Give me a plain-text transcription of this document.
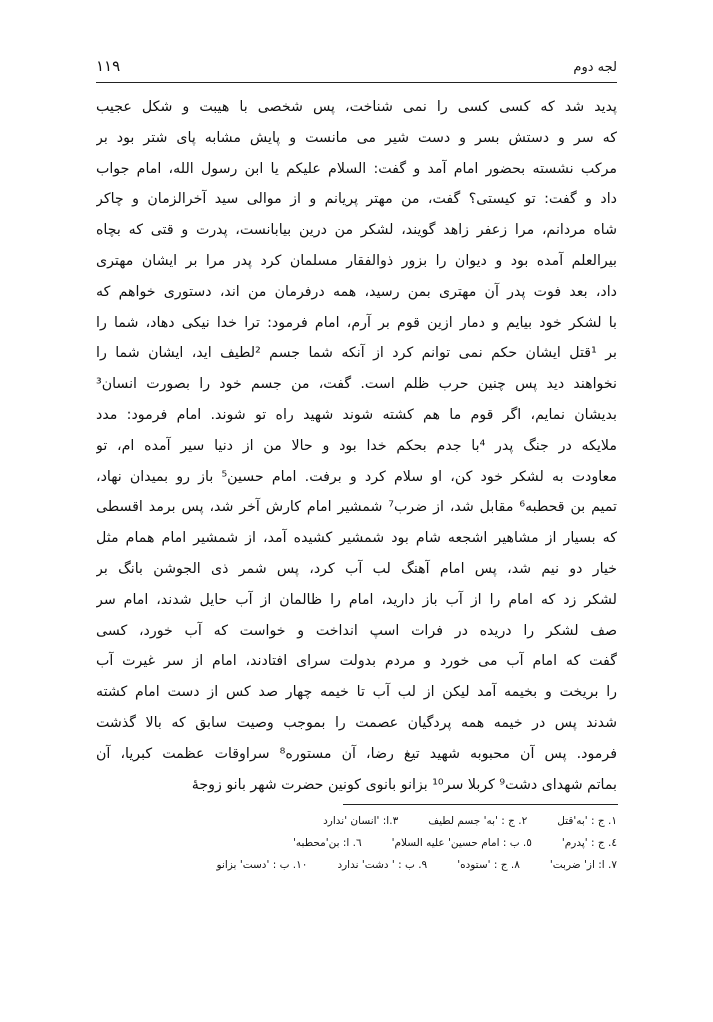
لجه دوم
۱۱۹
پدید شد که کسی کسی را نمی شناخت، پس شخصی با هیبت و شکل عجیب
که سر و دستش بسر و دست شیر می مانست و پایش مشابه پای شتر بود بر
مرکب نشسته بحضور امام آمد و گفت: السلام علیکم یا ابن رسول الله، امام جواب
داد و گفت: تو کیستی؟ گفت، من مهتر پریانم و از موالی سید آخرالزمان و چاکر
شاه مردانم، مرا زعفر زاهد گویند، لشکر من درین بیابانست، پدرت و قتی که بچاه
بیرالعلم آمده بود و دیوان را بزور ذوالفقار مسلمان کرد پدر مرا بر ایشان مهتری
داد، بعد فوت پدر آن مهتری بمن رسید، همه درفرمان من اند، دستوری خواهم که
با لشکر خود بیایم و دمار ازین قوم بر آرم، امام فرمود: ترا خدا نیکی دهاد، شما را
بر ¹قتل ایشان حکم نمی توانم کرد از آنکه شما جسم ²لطیف اید، ایشان شما را
نخواهند دید پس چنین حرب ظلم است. گفت، من جسم خود را بصورت انسان³
بدیشان نمایم، اگر قوم ما هم کشته شوند شهید راه تو شوند. امام فرمود: مدد
ملایکه در جنگ پدر ⁴با جدم بحکم خدا بود و حالا من از دنیا سیر آمده ام، تو
معاودت به لشکر خود کن، او سلام کرد و برفت. امام حسین⁵ باز رو بمیدان نهاد،
تمیم بن قحطبه⁶ مقابل شد، از ضرب⁷ شمشیر امام کارش آخر شد، پس برمد اقسطی
که بسیار از مشاهیر اشجعه شام بود شمشیر کشیده آمد، از شمشیر امام همام مثل
خیار دو نیم شد، پس امام آهنگ لب آب کرد، پس شمر ذی الجوشن بانگ بر
لشکر زد که امام را از آب باز دارید، امام را ظالمان از آب حایل شدند، امام سر
صف لشکر را دریده در فرات اسپ انداخت و خواست که آب خورد، کسی
گفت که امام آب می خورد و مردم بدولت سرای افتادند، امام از سر غیرت آب
را بریخت و بخیمه آمد لیکن از لب آب تا خیمه چهار صد کس از دست امام کشته
شدند پس در خیمه همه پردگیان عصمت را بموجب وصیت سابق که بالا گذشت
فرمود. پس آن محبوبه شهید تیغ رضا، آن مستوره⁸ سراوقات عظمت کبریا، آن
بماتم شهدای دشت⁹ کربلا سر¹⁰ بزانو بانوی کونین حضرت شهر بانو زوجهٔ
۱. ج : 'به'قتل
۲. ج : 'به' جسم لطیف
۳.ا: 'انسان 'ندارد
٤. ج : 'پدرم'
٥. ب : امام حسین' علیه السلام'
٦. ا: بن'محطبه'
۷. ا: از' ضربت'
۸. ج : 'ستوده'
۹. ب : ' دشت' ندارد
۱۰. ب : 'دست' بزانو
